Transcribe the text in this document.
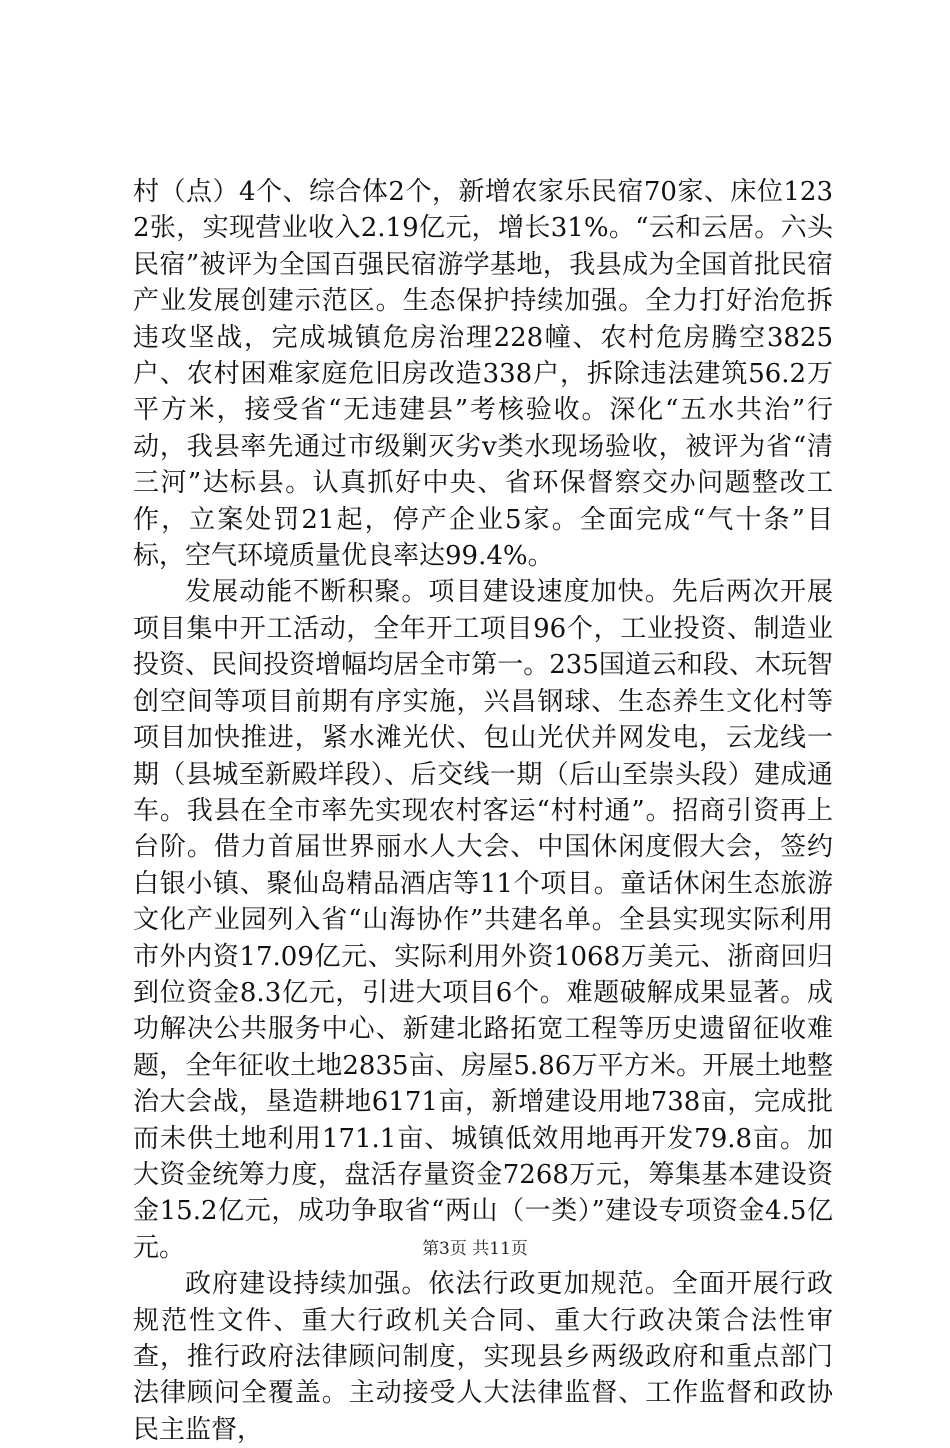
村（点）4个、综合体2个，新增农家乐民宿70家、床位1232张，实现营业收入2.19亿元，增长31%。“云和云居。六头民宿”被评为全国百强民宿游学基地，我县成为全国首批民宿产业发展创建示范区。生态保护持续加强。全力打好治危拆违攻坚战，完成城镇危房治理228幢、农村危房腾空3825户、农村困难家庭危旧房改造338户，拆除违法建筑56.2万平方米，接受省“无违建县”考核验收。深化“五水共治”行动，我县率先通过市级剿灭劣v类水现场验收，被评为省“清三河”达标县。认真抓好中央、省环保督察交办问题整改工作，立案处罚21起，停产企业5家。全面完成“气十条”目标，空气环境质量优良率达99.4%。

发展动能不断积聚。项目建设速度加快。先后两次开展项目集中开工活动，全年开工项目96个，工业投资、制造业投资、民间投资增幅均居全市第一。235国道云和段、木玩智创空间等项目前期有序实施，兴昌钢球、生态养生文化村等项目加快推进，紧水滩光伏、包山光伏并网发电，云龙线一期（县城至新殿垟段）、后交线一期（后山至崇头段）建成通车。我县在全市率先实现农村客运“村村通”。招商引资再上台阶。借力首届世界丽水人大会、中国休闲度假大会，签约白银小镇、聚仙岛精品酒店等11个项目。童话休闲生态旅游文化产业园列入省“山海协作”共建名单。全县实现实际利用市外内资17.09亿元、实际利用外资1068万美元、浙商回归到位资金8.3亿元，引进大项目6个。难题破解成果显著。成功解决公共服务中心、新建北路拓宽工程等历史遗留征收难题，全年征收土地2835亩、房屋5.86万平方米。开展土地整治大会战，垦造耕地6171亩，新增建设用地738亩，完成批而未供土地利用171.1亩、城镇低效用地再开发79.8亩。加大资金统筹力度，盘活存量资金7268万元，筹集基本建设资金15.2亿元，成功争取省“两山（一类）”建设专项资金4.5亿元。

政府建设持续加强。依法行政更加规范。全面开展行政规范性文件、重大行政机关合同、重大行政决策合法性审查，推行政府法律顾问制度，实现县乡两级政府和重点部门法律顾问全覆盖。主动接受人大法律监督、工作监督和政协民主监督，

第3页 共11页
